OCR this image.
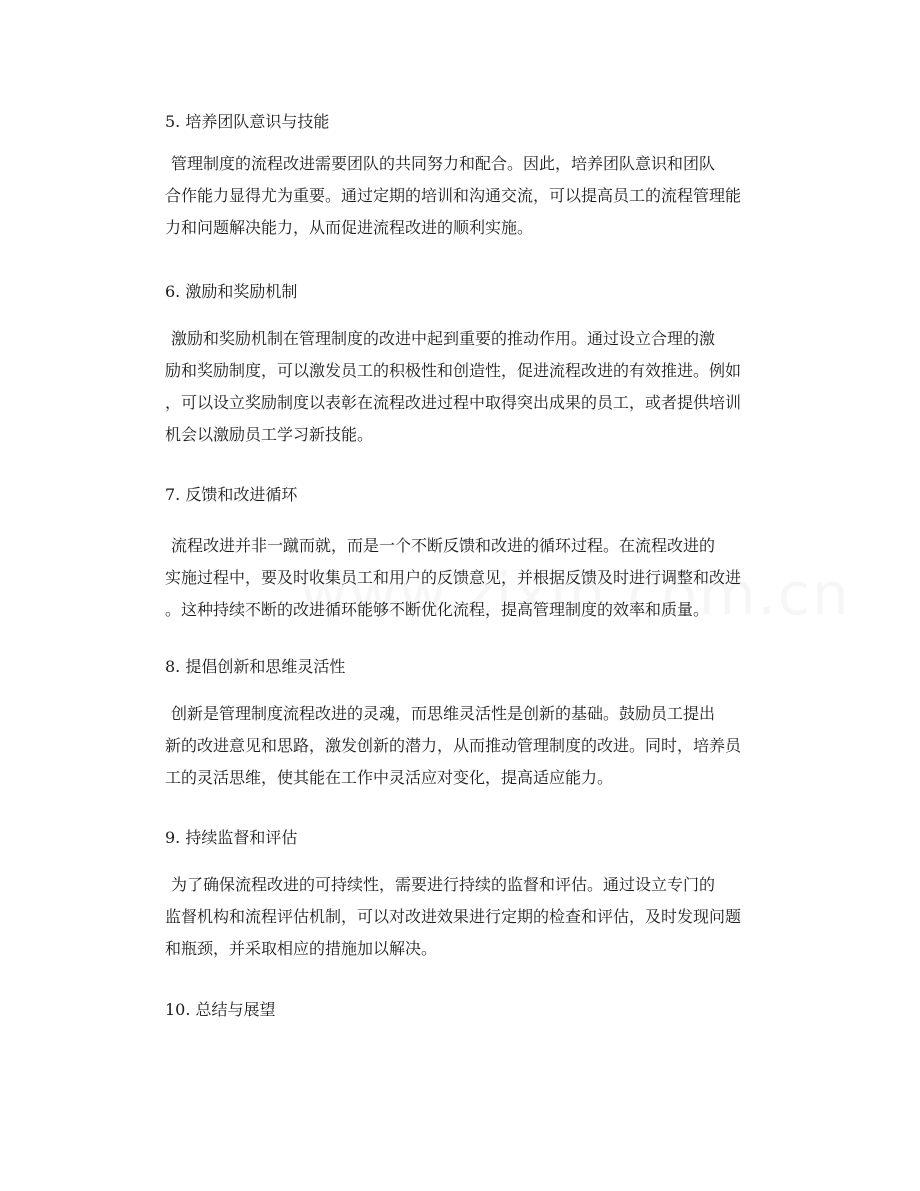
5. 培养团队意识与技能
管理制度的流程改进需要团队的共同努力和配合。因此，培养团队意识和团队
合作能力显得尤为重要。通过定期的培训和沟通交流，可以提高员工的流程管理能
力和问题解决能力，从而促进流程改进的顺利实施。
6. 激励和奖励机制
激励和奖励机制在管理制度的改进中起到重要的推动作用。通过设立合理的激
励和奖励制度，可以激发员工的积极性和创造性，促进流程改进的有效推进。例如
，可以设立奖励制度以表彰在流程改进过程中取得突出成果的员工，或者提供培训
机会以激励员工学习新技能。
7. 反馈和改进循环
流程改进并非一蹴而就，而是一个不断反馈和改进的循环过程。在流程改进的
实施过程中，要及时收集员工和用户的反馈意见，并根据反馈及时进行调整和改进
。这种持续不断的改进循环能够不断优化流程，提高管理制度的效率和质量。
8. 提倡创新和思维灵活性
创新是管理制度流程改进的灵魂，而思维灵活性是创新的基础。鼓励员工提出
新的改进意见和思路，激发创新的潜力，从而推动管理制度的改进。同时，培养员
工的灵活思维，使其能在工作中灵活应对变化，提高适应能力。
9. 持续监督和评估
为了确保流程改进的可持续性，需要进行持续的监督和评估。通过设立专门的
监督机构和流程评估机制，可以对改进效果进行定期的检查和评估，及时发现问题
和瓶颈，并采取相应的措施加以解决。
10. 总结与展望
